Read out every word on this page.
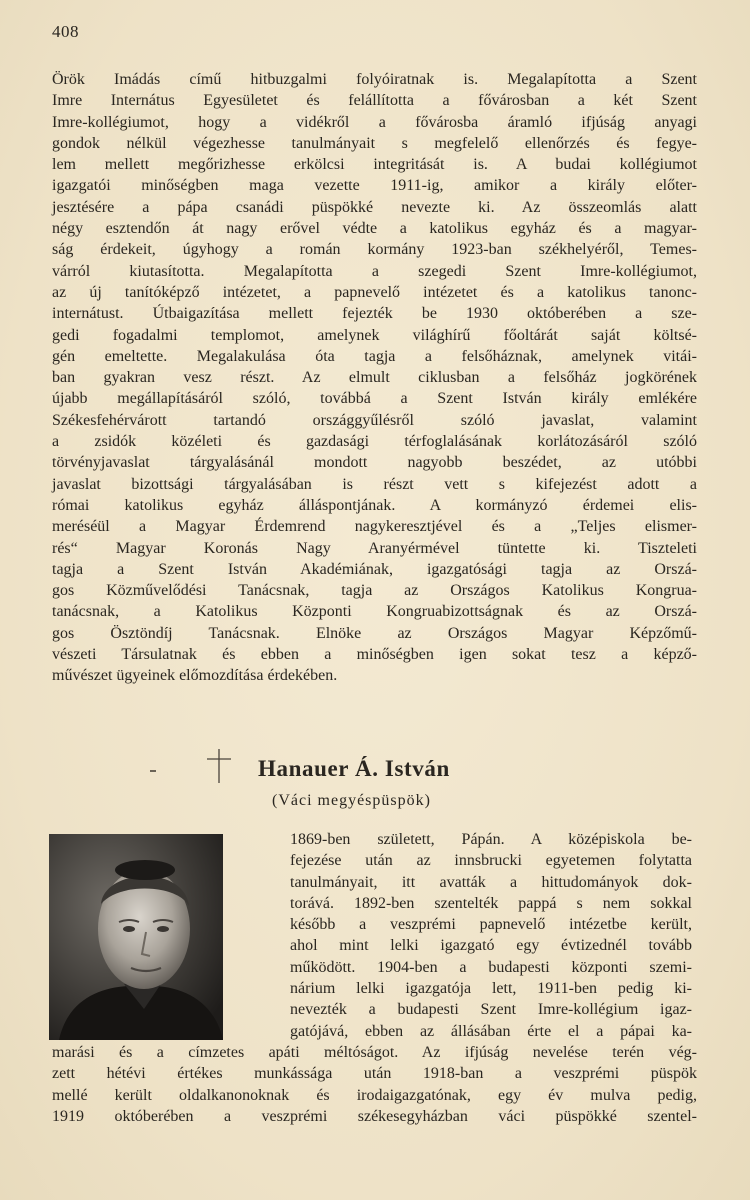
408
Örök Imádás című hitbuzgalmi folyóiratnak is. Megalapította a Szent
Imre Internátus Egyesületet és felállította a fővárosban a két Szent
Imre-kollégiumot, hogy a vidékről a fővárosba áramló ifjúság anyagi
gondok nélkül végezhesse tanulmányait s megfelelő ellenőrzés és fegye-
lem mellett megőrizhesse erkölcsi integritását is. A budai kollégiumot
igazgatói minőségben maga vezette 1911-ig, amikor a király előter-
jesztésére a pápa csanádi püspökké nevezte ki. Az összeomlás alatt
négy esztendőn át nagy erővel védte a katolikus egyház és a magyar-
ság érdekeit, úgyhogy a román kormány 1923-ban székhelyéről, Temes-
várról kiutasította. Megalapította a szegedi Szent Imre-kollégiumot,
az új tanítóképző intézetet, a papnevelő intézetet és a katolikus tanonc-
internátust. Útbaigazítása mellett fejezték be 1930 októberében a sze-
gedi fogadalmi templomot, amelynek világhírű főoltárát saját költsé-
gén emeltette. Megalakulása óta tagja a felsőháznak, amelynek vitái-
ban gyakran vesz részt. Az elmult ciklusban a felsőház jogkörének
újabb megállapításáról szóló, továbbá a Szent István király emlékére
Székesfehérvárott tartandó országgyűlésről szóló javaslat, valamint
a zsidók közéleti és gazdasági térfoglalásának korlátozásáról szóló
törvényjavaslat tárgyalásánál mondott nagyobb beszédet, az utóbbi
javaslat bizottsági tárgyalásában is részt vett s kifejezést adott a
római katolikus egyház álláspontjának. A kormányzó érdemei elis-
meréséül a Magyar Érdemrend nagykeresztjével és a „Teljes elismer-
rés“ Magyar Koronás Nagy Aranyérmével tüntette ki. Tiszteleti
tagja a Szent István Akadémiának, igazgatósági tagja az Orszá-
gos Közművelődési Tanácsnak, tagja az Országos Katolikus Kongrua-
tanácsnak, a Katolikus Központi Kongruabizottságnak és az Orszá-
gos Ösztöndíj Tanácsnak. Elnöke az Országos Magyar Képzőmű-
vészeti Társulatnak és ebben a minőségben igen sokat tesz a képző-
művészet ügyeinek előmozdítása érdekében.
Hanauer Á. István
(Váci megyéspüspök)
1869-ben született, Pápán. A középiskola be-
fejezése után az innsbrucki egyetemen folytatta
tanulmányait, itt avatták a hittudományok dok-
torává. 1892-ben szentelték pappá s nem sokkal
később a veszprémi papnevelő intézetbe került,
ahol mint lelki igazgató egy évtizednél tovább
működött. 1904-ben a budapesti központi szemi-
nárium lelki igazgatója lett, 1911-ben pedig ki-
nevezték a budapesti Szent Imre-kollégium igaz-
gatójává, ebben az állásában érte el a pápai ka-
marási és a címzetes apáti méltóságot. Az ifjúság nevelése terén vég-
zett hétévi értékes munkássága után 1918-ban a veszprémi püspök
mellé került oldalkanonoknak és irodaigazgatónak, egy év mulva pedig,
1919 októberében a veszprémi székesegyházban váci püspökké szentel-
